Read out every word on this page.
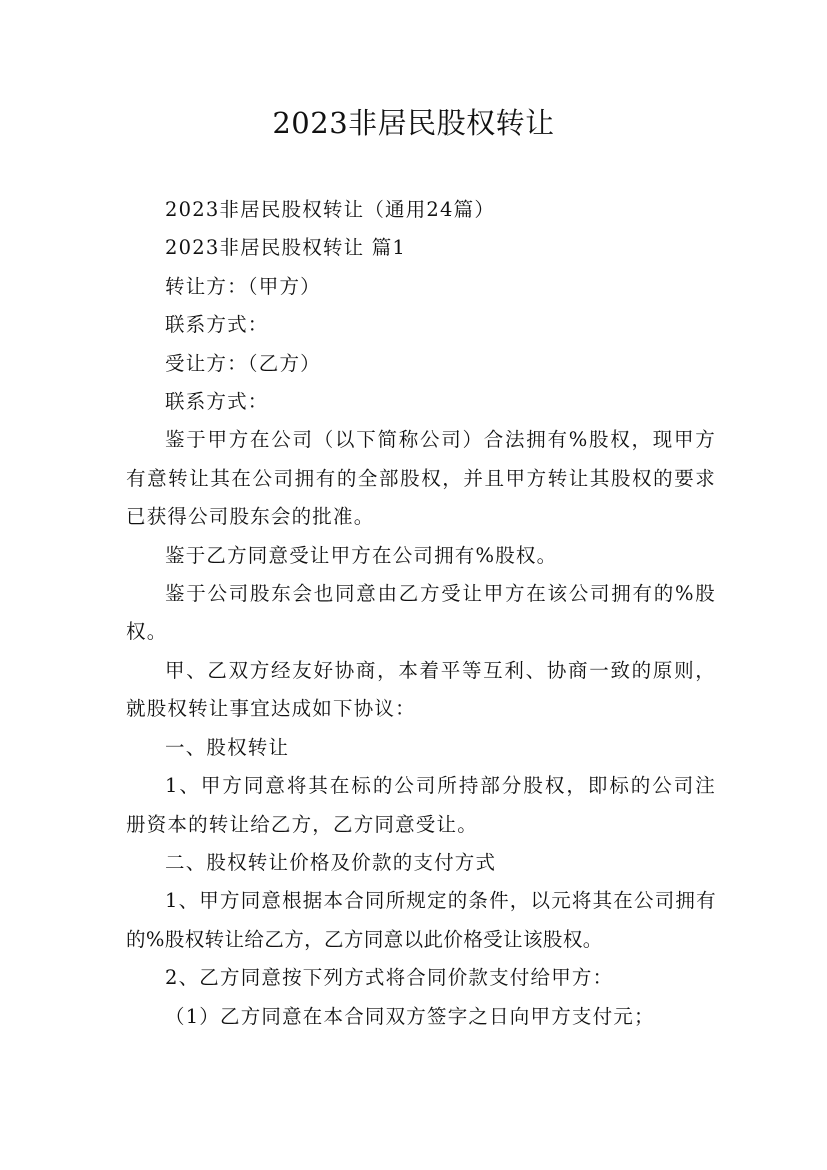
2023非居民股权转让

2023非居民股权转让（通用24篇）

2023非居民股权转让 篇1

转让方：（甲方）

联系方式：

受让方：（乙方）

联系方式：

鉴于甲方在公司（以下简称公司）合法拥有%股权，现甲方有意转让其在公司拥有的全部股权，并且甲方转让其股权的要求已获得公司股东会的批准。

鉴于乙方同意受让甲方在公司拥有%股权。

鉴于公司股东会也同意由乙方受让甲方在该公司拥有的%股权。

甲、乙双方经友好协商，本着平等互利、协商一致的原则，就股权转让事宜达成如下协议：

一、股权转让

1、甲方同意将其在标的公司所持部分股权，即标的公司注册资本的转让给乙方，乙方同意受让。

二、股权转让价格及价款的支付方式

1、甲方同意根据本合同所规定的条件，以元将其在公司拥有的%股权转让给乙方，乙方同意以此价格受让该股权。

2、乙方同意按下列方式将合同价款支付给甲方：

（1）乙方同意在本合同双方签字之日向甲方支付元；
